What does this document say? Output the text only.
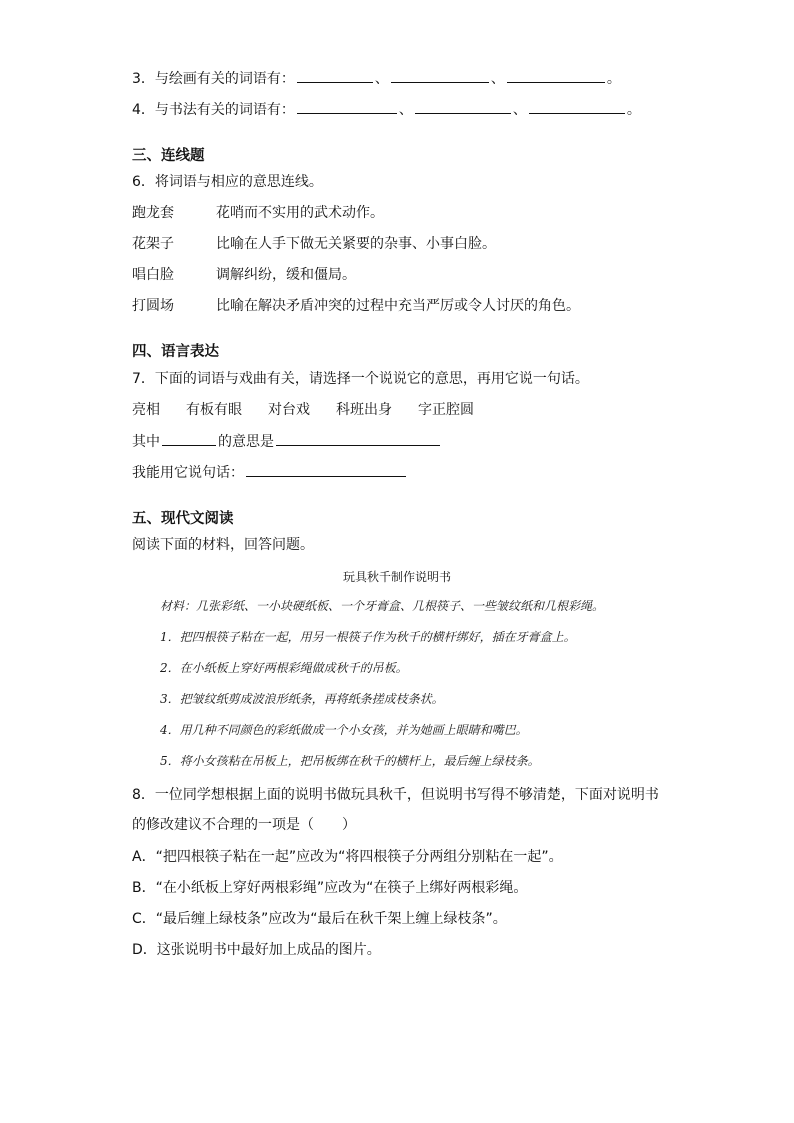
3．与绘画有关的词语有：	、	、	。
4．与书法有关的词语有：	、	、	。
三、连线题
6．将词语与相应的意思连线。
跑龙套	花哨而不实用的武术动作。
花架子	比喻在人手下做无关紧要的杂事、小事白脸。
唱白脸	调解纠纷，缓和僵局。
打圆场	比喻在解决矛盾冲突的过程中充当严厉或令人讨厌的角色。
四、语言表达
7．下面的词语与戏曲有关，请选择一个说说它的意思，再用它说一句话。
亮相 有板有眼 对台戏 科班出身 字正腔圆
其中	的意思是
我能用它说句话：
五、现代文阅读
阅读下面的材料，回答问题。
玩具秋千制作说明书
材料：几张彩纸、一小块硬纸板、一个牙膏盒、几根筷子、一些皱纹纸和几根彩绳。
1．把四根筷子粘在一起，用另一根筷子作为秋千的横杆绑好，插在牙膏盒上。
2．在小纸板上穿好两根彩绳做成秋千的吊板。
3．把皱纹纸剪成波浪形纸条，再将纸条搓成枝条状。
4．用几种不同颜色的彩纸做成一个小女孩，并为她画上眼睛和嘴巴。
5．将小女孩粘在吊板上，把吊板绑在秋千的横杆上，最后缠上绿枝条。
8．一位同学想根据上面的说明书做玩具秋千，但说明书写得不够清楚，下面对说明书
的修改建议不合理的一项是（　　）
A．“把四根筷子粘在一起”应改为“将四根筷子分两组分别粘在一起”。
B．“在小纸板上穿好两根彩绳”应改为“在筷子上绑好两根彩绳。
C．“最后缠上绿枝条”应改为“最后在秋千架上缠上绿枝条”。
D．这张说明书中最好加上成品的图片。
